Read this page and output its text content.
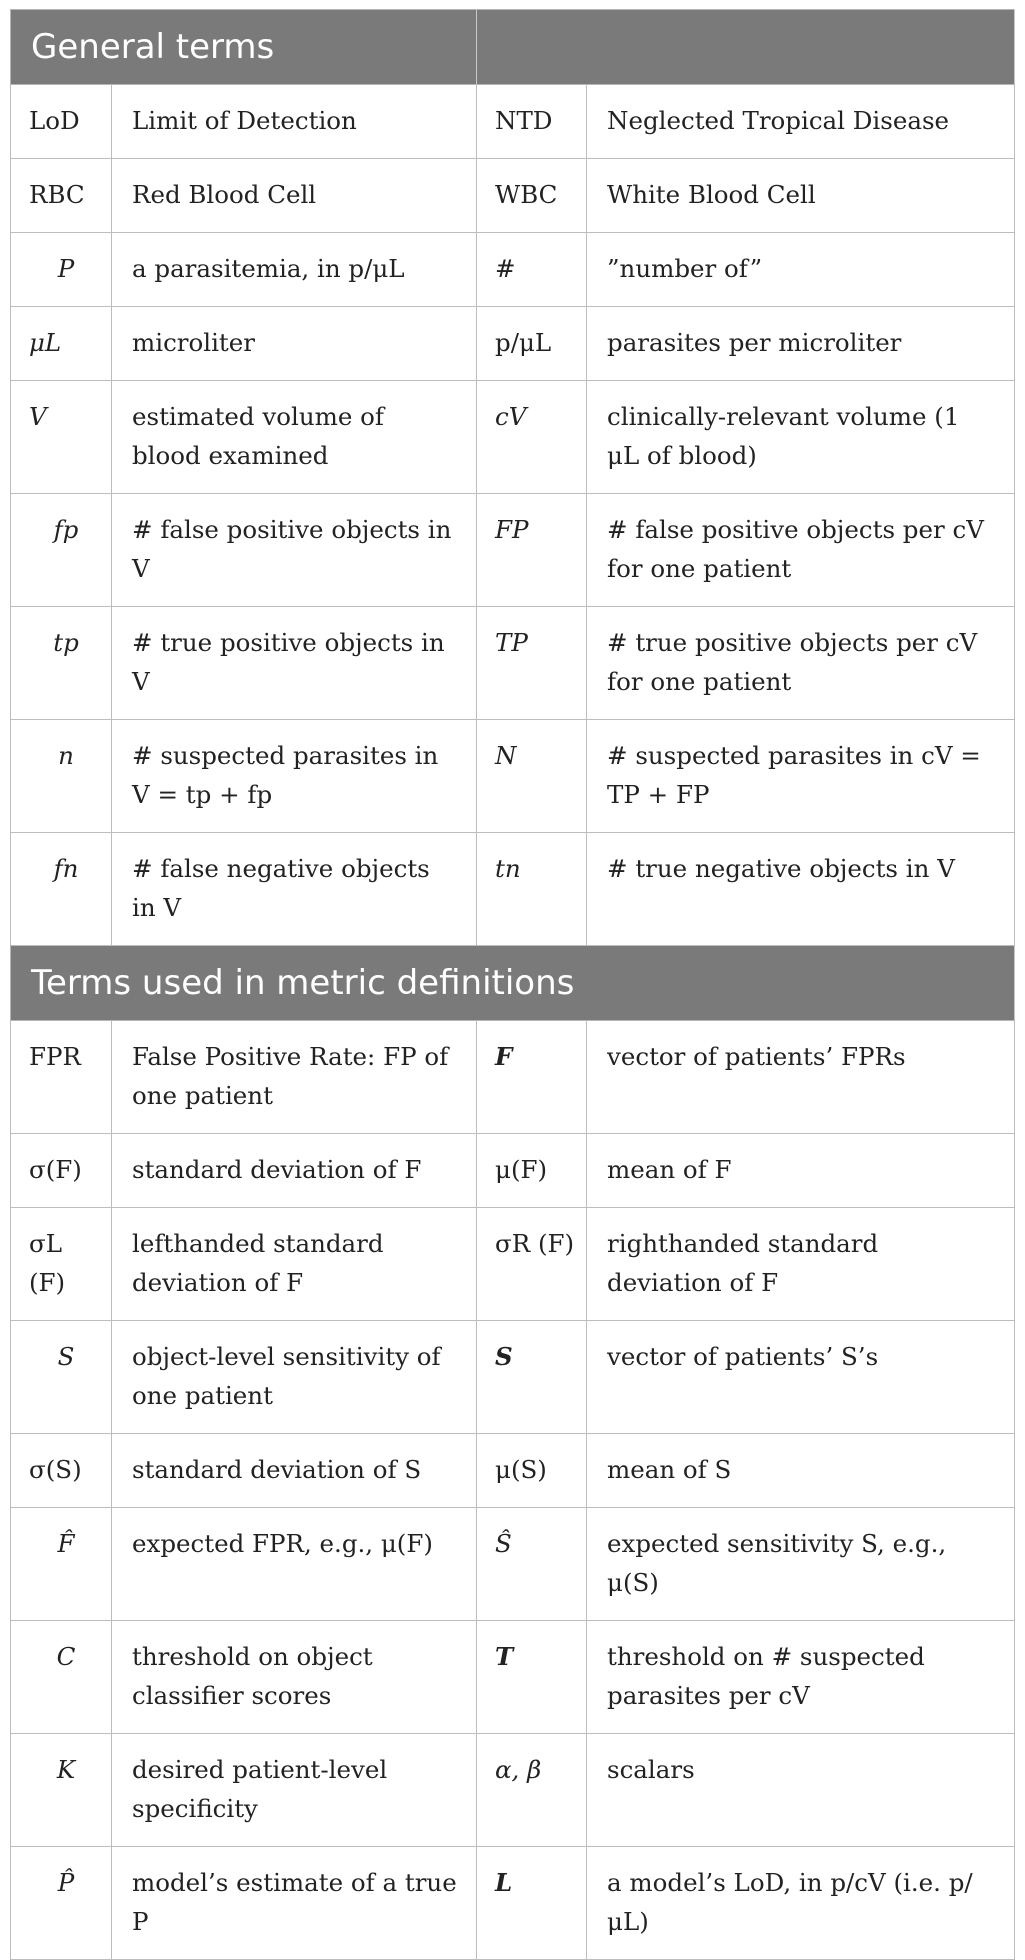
General terms			
LoD	Limit of Detection	NTD	Neglected Tropical Disease
RBC	Red Blood Cell	WBC	White Blood Cell
P	a parasitemia, in p/μL	#	”number of”
μL	microliter	p/μL	parasites per microliter
V	estimated volume of blood examined	cV	clinically-relevant volume (1 μL of blood)
fp	# false positive objects in V	FP	# false positive objects per cV for one patient
tp	# true positive objects in V	TP	# true positive objects per cV for one patient
n	# suspected parasites in V = tp + fp	N	# suspected parasites in cV = TP + FP
fn	# false negative objects in V	tn	# true negative objects in V
Terms used in metric definitions			
FPR	False Positive Rate: FP of one patient	F	vector of patients’ FPRs
σ(F)	standard deviation of F	μ(F)	mean of F
σL (F)	lefthanded standard deviation of F	σR (F)	righthanded standard deviation of F
S	object-level sensitivity of one patient	S	vector of patients’ S’s
σ(S)	standard deviation of S	μ(S)	mean of S
F̂	expected FPR, e.g., μ(F)	Ŝ	expected sensitivity S, e.g., μ(S)
C	threshold on object classifier scores	T	threshold on # suspected parasites per cV
K	desired patient-level specificity	α, β	scalars
P̂	model’s estimate of a true P	L	a model’s LoD, in p/cV (i.e. p/μL)
